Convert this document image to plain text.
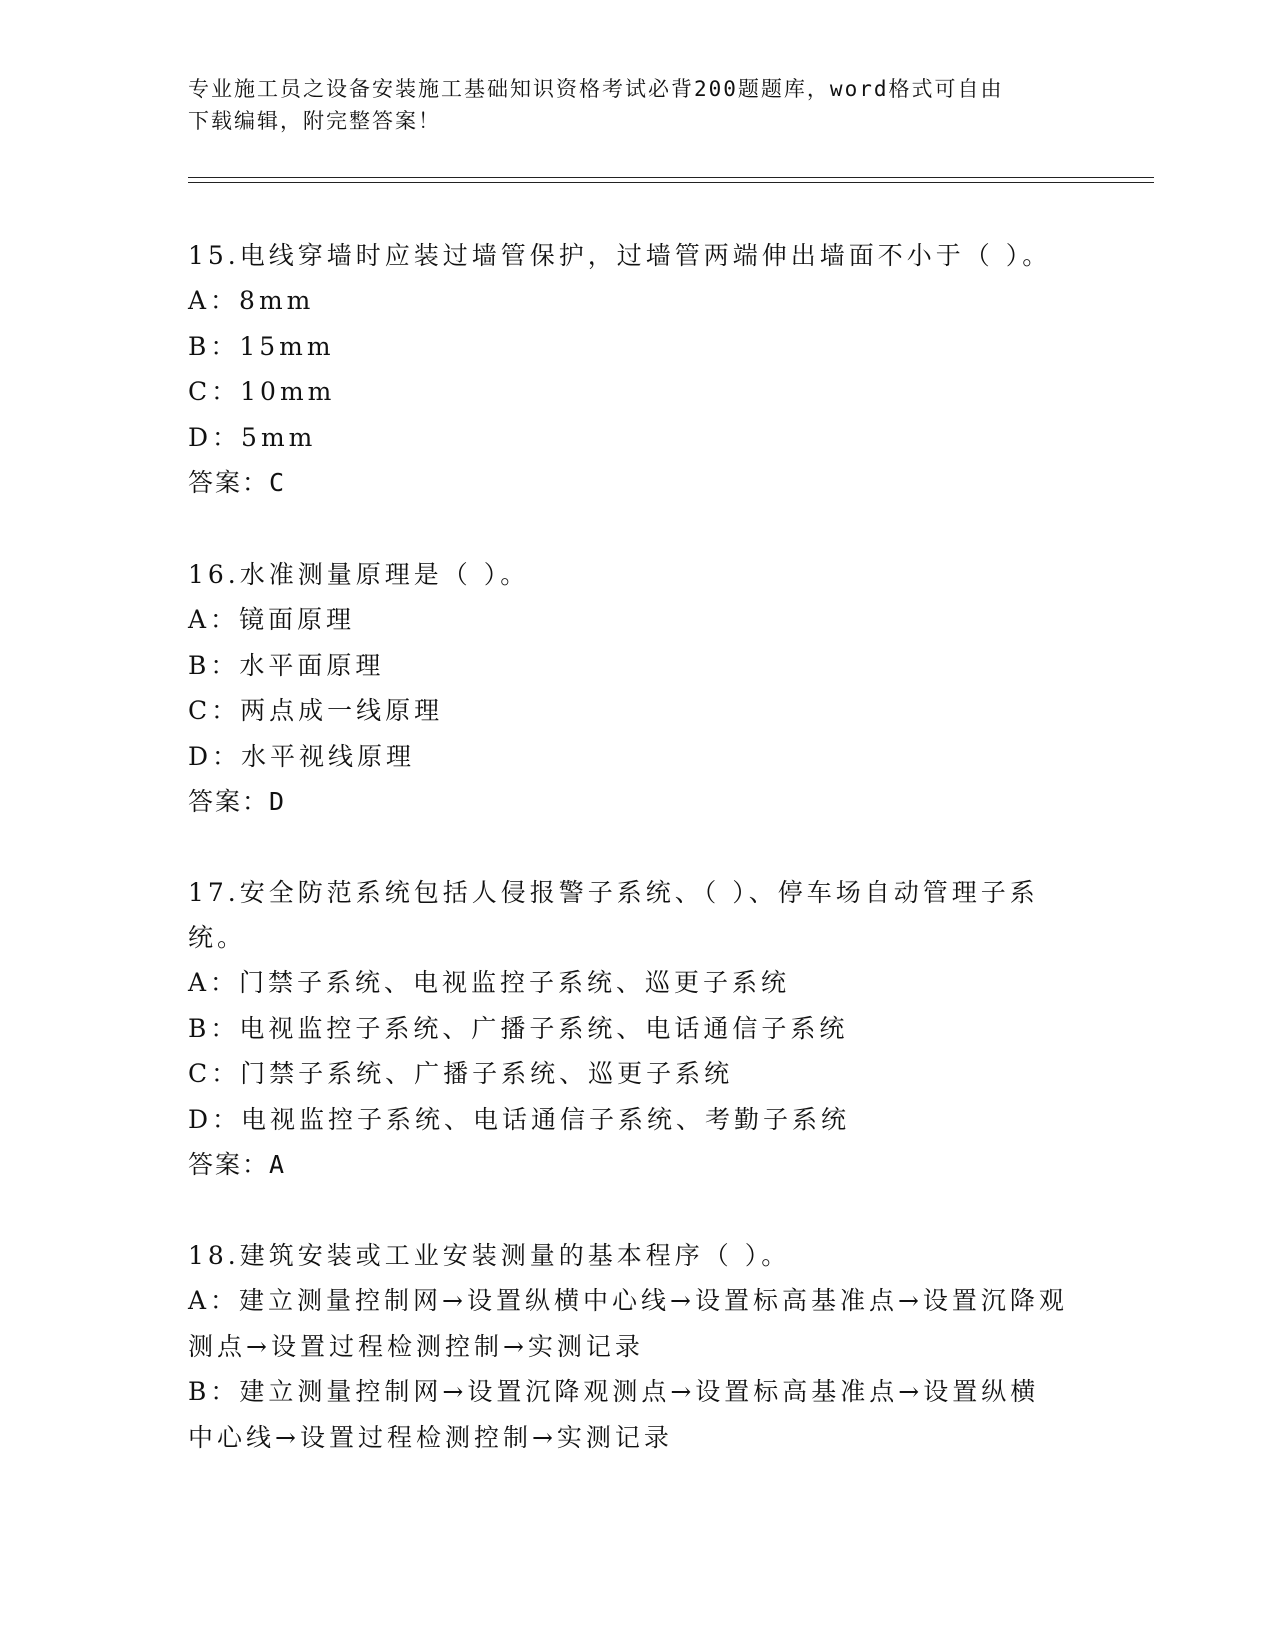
专业施工员之设备安装施工基础知识资格考试必背200题题库，word格式可自由
下载编辑，附完整答案！

15.电线穿墙时应装过墙管保护，过墙管两端伸出墙面不小于（ ）。

A：8mm

B：15mm

C：10mm

D：5mm

答案：C

16.水准测量原理是（ ）。

A：镜面原理

B：水平面原理

C：两点成一线原理

D：水平视线原理

答案：D

17.安全防范系统包括人侵报警子系统、（ ）、停车场自动管理子系统。

A：门禁子系统、电视监控子系统、巡更子系统

B：电视监控子系统、广播子系统、电话通信子系统

C：门禁子系统、广播子系统、巡更子系统

D：电视监控子系统、电话通信子系统、考勤子系统

答案：A

18.建筑安装或工业安装测量的基本程序（ ）。

A：建立测量控制网→设置纵横中心线→设置标高基准点→设置沉降观测点→设置过程检测控制→实测记录

B：建立测量控制网→设置沉降观测点→设置标高基准点→设置纵横中心线→设置过程检测控制→实测记录
